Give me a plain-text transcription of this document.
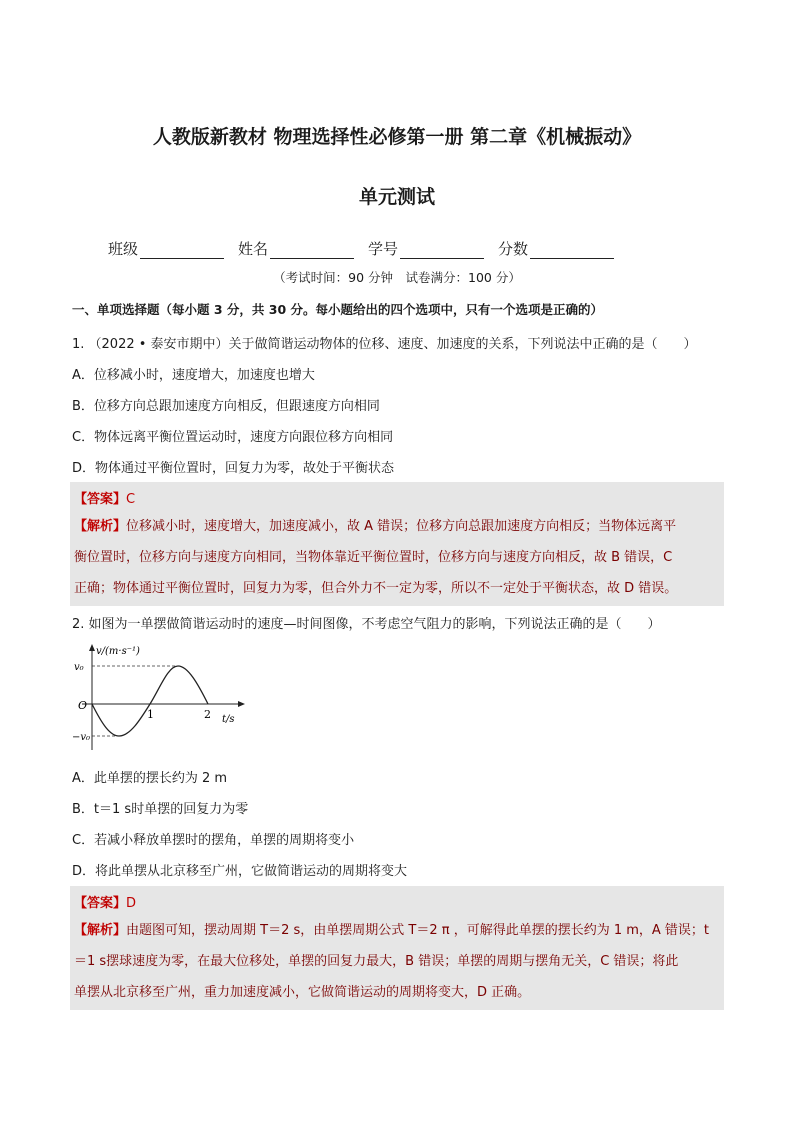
人教版新教材 物理选择性必修第一册 第二章《机械振动》
单元测试
班级	姓名	学号	分数
（考试时间：90 分钟　试卷满分：100 分）
一、单项选择题（每小题 3 分，共 30 分。每小题给出的四个选项中，只有一个选项是正确的）
1. （2022 • 泰安市期中）关于做简谐运动物体的位移、速度、加速度的关系，下列说法中正确的是（　　）
A．位移减小时，速度增大，加速度也增大
B．位移方向总跟加速度方向相反，但跟速度方向相同
C．物体远离平衡位置运动时，速度方向跟位移方向相同
D．物体通过平衡位置时，回复力为零，故处于平衡状态
【答案】C
【解析】位移减小时，速度增大，加速度减小，故 A 错误；位移方向总跟加速度方向相反；当物体远离平
衡位置时，位移方向与速度方向相同，当物体靠近平衡位置时，位移方向与速度方向相反，故 B 错误，C
正确；物体通过平衡位置时，回复力为零，但合外力不一定为零，所以不一定处于平衡状态，故 D 错误。
2. 如图为一单摆做简谐运动时的速度—时间图像，不考虑空气阻力的影响，下列说法正确的是（　　）
v/(m·s⁻¹)
v₀
−v₀
O
1	2 t/s
A．此单摆的摆长约为 2 m
B．t＝1 s时单摆的回复力为零
C．若减小释放单摆时的摆角，单摆的周期将变小
D．将此单摆从北京移至广州，它做简谐运动的周期将变大
【答案】D
【解析】由题图可知，摆动周期 T＝2 s，由单摆周期公式 T＝2 π ，可解得此单摆的摆长约为 1 m，A 错误；t
＝1 s摆球速度为零，在最大位移处，单摆的回复力最大，B 错误；单摆的周期与摆角无关，C 错误；将此
单摆从北京移至广州，重力加速度减小，它做简谐运动的周期将变大，D 正确。
